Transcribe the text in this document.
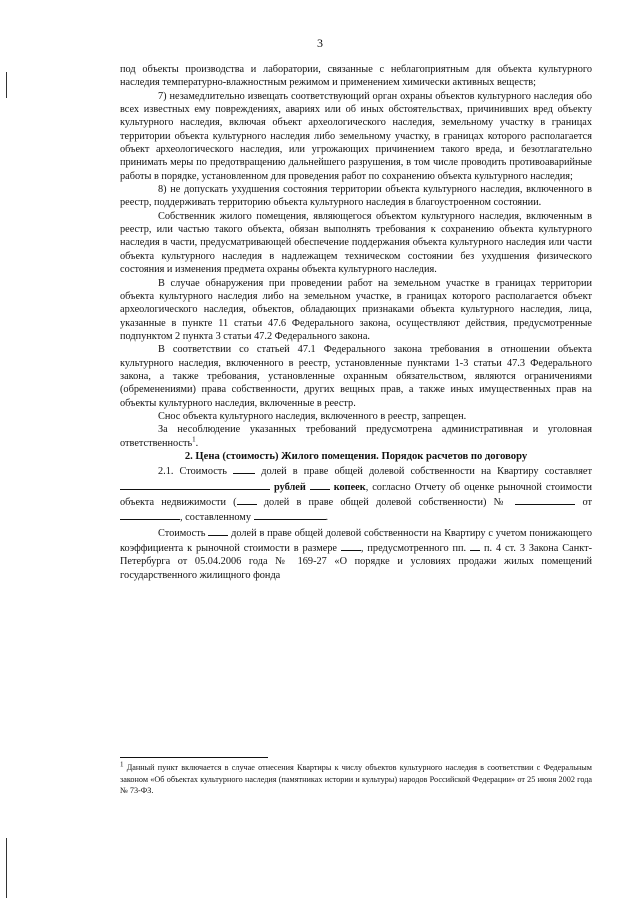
3

под объекты производства и лаборатории, связанные с неблагоприятным для объекта культурного наследия температурно-влажностным режимом и применением химически активных веществ;

7) незамедлительно извещать соответствующий орган охраны объектов культурного наследия обо всех известных ему повреждениях, авариях или об иных обстоятельствах, причинивших вред объекту культурного наследия, включая объект археологического наследия, земельному участку в границах территории объекта культурного наследия либо земельному участку, в границах которого располагается объект археологического наследия, или угрожающих причинением такого вреда, и безотлагательно принимать меры по предотвращению дальнейшего разрушения, в том числе проводить противоаварийные работы в порядке, установленном для проведения работ по сохранению объекта культурного наследия;

8) не допускать ухудшения состояния территории объекта культурного наследия, включенного в реестр, поддерживать территорию объекта культурного наследия в благоустроенном состоянии.

Собственник жилого помещения, являющегося объектом культурного наследия, включенным в реестр, или частью такого объекта, обязан выполнять требования к сохранению объекта культурного наследия в части, предусматривающей обеспечение поддержания объекта культурного наследия или части объекта культурного наследия в надлежащем техническом состоянии без ухудшения физического состояния и изменения предмета охраны объекта культурного наследия.

В случае обнаружения при проведении работ на земельном участке в границах территории объекта культурного наследия либо на земельном участке, в границах которого располагается объект археологического наследия, объектов, обладающих признаками объекта культурного наследия, лица, указанные в пункте 11 статьи 47.6 Федерального закона, осуществляют действия, предусмотренные подпунктом 2 пункта 3 статьи 47.2 Федерального закона.

В соответствии со статьей 47.1 Федерального закона требования в отношении объекта культурного наследия, включенного в реестр, установленные пунктами 1-3 статьи 47.3 Федерального закона, а также требования, установленные охранным обязательством, являются ограничениями (обременениями) права собственности, других вещных прав, а также иных имущественных прав на объекты культурного наследия, включенные в реестр.

Снос объекта культурного наследия, включенного в реестр, запрещен.

За несоблюдение указанных требований предусмотрена административная и уголовная ответственность$^1$.

2. Цена (стоимость) Жилого помещения. Порядок расчетов по договору

2.1. Стоимость	долей в праве общей долевой собственности на Квартиру составляет  рублей	копеек, согласно Отчету об оценке рыночной стоимости объекта недвижимости (	долей в праве общей долевой собственности) №	от , составленному	.

Стоимость долей в праве общей долевой собственности на Квартиру с учетом понижающего коэффициента к рыночной стоимости в размере , предусмотренного пп. п. 4 ст. 3 Закона Санкт-Петербурга от 05.04.2006 года № 169-27 «О порядке и условиях продажи жилых помещений государственного жилищного фонда

$^1$ Данный пункт включается в случае отнесения Квартиры к числу объектов культурного наследия в соответствии с Федеральным законом «Об объектах культурного наследия (памятниках истории и культуры) народов Российской Федерации» от 25 июня 2002 года № 73-ФЗ.
